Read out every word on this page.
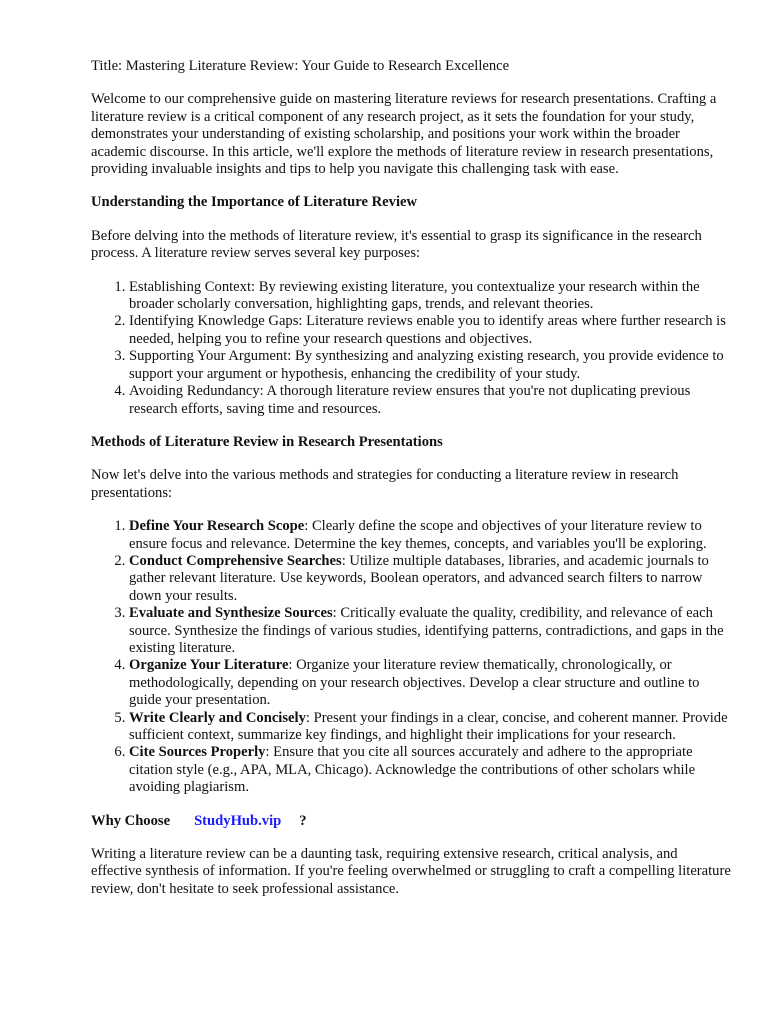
Title: Mastering Literature Review: Your Guide to Research Excellence

Welcome to our comprehensive guide on mastering literature reviews for research presentations. Crafting a literature review is a critical component of any research project, as it sets the foundation for your study, demonstrates your understanding of existing scholarship, and positions your work within the broader academic discourse. In this article, we'll explore the methods of literature review in research presentations, providing invaluable insights and tips to help you navigate this challenging task with ease.

Understanding the Importance of Literature Review

Before delving into the methods of literature review, it's essential to grasp its significance in the research process. A literature review serves several key purposes:

1. Establishing Context: By reviewing existing literature, you contextualize your research within the broader scholarly conversation, highlighting gaps, trends, and relevant theories.
2. Identifying Knowledge Gaps: Literature reviews enable you to identify areas where further research is needed, helping you to refine your research questions and objectives.
3. Supporting Your Argument: By synthesizing and analyzing existing research, you provide evidence to support your argument or hypothesis, enhancing the credibility of your study.
4. Avoiding Redundancy: A thorough literature review ensures that you're not duplicating previous research efforts, saving time and resources.
Methods of Literature Review in Research Presentations

Now let's delve into the various methods and strategies for conducting a literature review in research presentations:

1. Define Your Research Scope: Clearly define the scope and objectives of your literature review to ensure focus and relevance. Determine the key themes, concepts, and variables you'll be exploring.
2. Conduct Comprehensive Searches: Utilize multiple databases, libraries, and academic journals to gather relevant literature. Use keywords, Boolean operators, and advanced search filters to narrow down your results.
3. Evaluate and Synthesize Sources: Critically evaluate the quality, credibility, and relevance of each source. Synthesize the findings of various studies, identifying patterns, contradictions, and gaps in the existing literature.
4. Organize Your Literature: Organize your literature review thematically, chronologically, or methodologically, depending on your research objectives. Develop a clear structure and outline to guide your presentation.
5. Write Clearly and Concisely: Present your findings in a clear, concise, and coherent manner. Provide sufficient context, summarize key findings, and highlight their implications for your research.
6. Cite Sources Properly: Ensure that you cite all sources accurately and adhere to the appropriate citation style (e.g., APA, MLA, Chicago). Acknowledge the contributions of other scholars while avoiding plagiarism.

Why Choose StudyHub.vip ?

Writing a literature review can be a daunting task, requiring extensive research, critical analysis, and effective synthesis of information. If you're feeling overwhelmed or struggling to craft a compelling literature review, don't hesitate to seek professional assistance.
